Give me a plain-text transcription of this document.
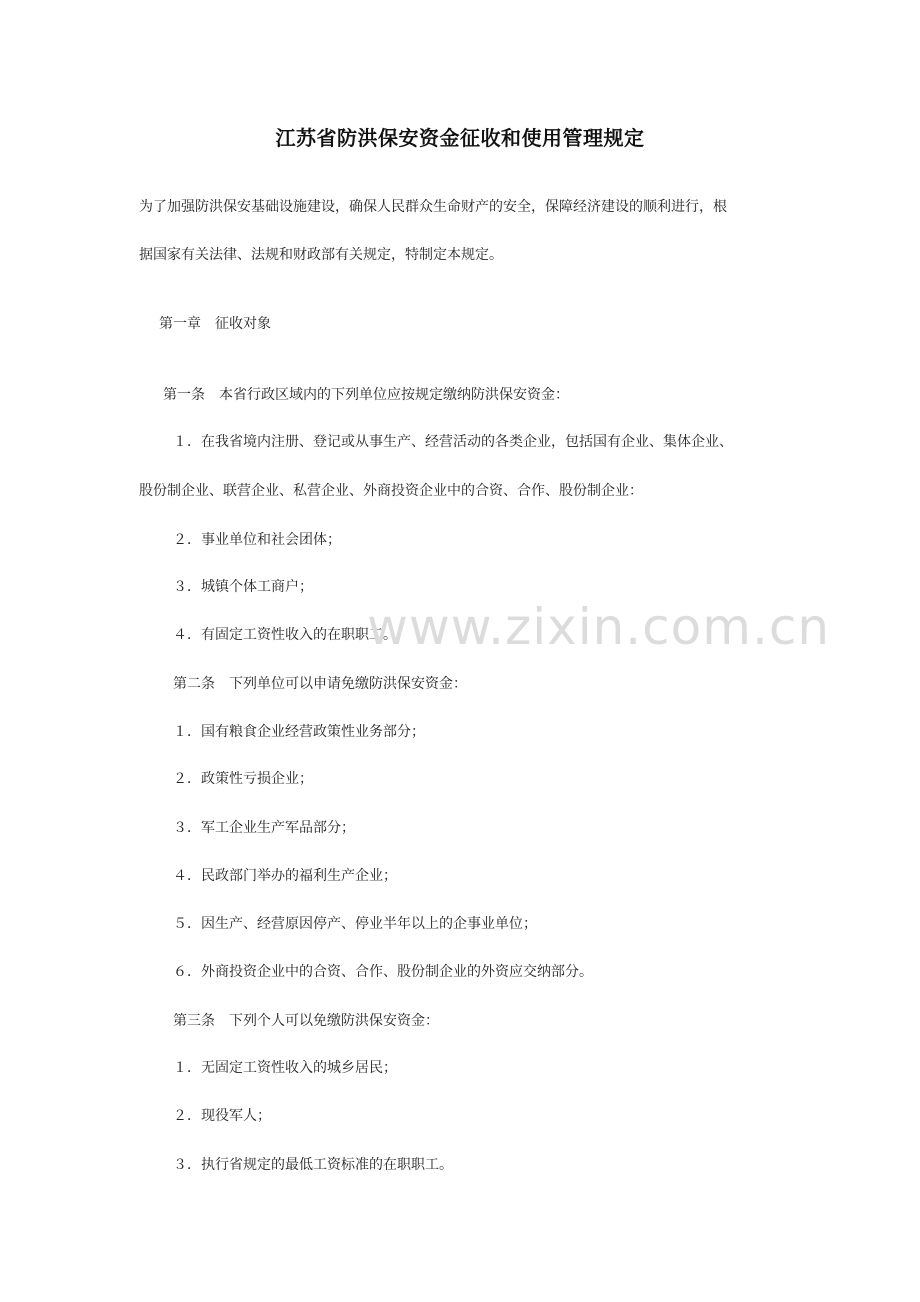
江苏省防洪保安资金征收和使用管理规定
为了加强防洪保安基础设施建设，确保人民群众生命财产的安全，保障经济建设的顺利进行，根
据国家有关法律、法规和财政部有关规定，特制定本规定。
第一章　征收对象
第一条　本省行政区域内的下列单位应按规定缴纳防洪保安资金：
１．在我省境内注册、登记或从事生产、经营活动的各类企业，包括国有企业、集体企业、
股份制企业、联营企业、私营企业、外商投资企业中的合资、合作、股份制企业：
２．事业单位和社会团体；
３．城镇个体工商户；
４．有固定工资性收入的在职职工。
第二条　下列单位可以申请免缴防洪保安资金：
１．国有粮食企业经营政策性业务部分；
２．政策性亏损企业；
３．军工企业生产军品部分；
４．民政部门举办的福利生产企业；
５．因生产、经营原因停产、停业半年以上的企事业单位；
６．外商投资企业中的合资、合作、股份制企业的外资应交纳部分。
第三条　下列个人可以免缴防洪保安资金：
１．无固定工资性收入的城乡居民；
２．现役军人；
３．执行省规定的最低工资标准的在职职工。
www.zixin.com.cn
